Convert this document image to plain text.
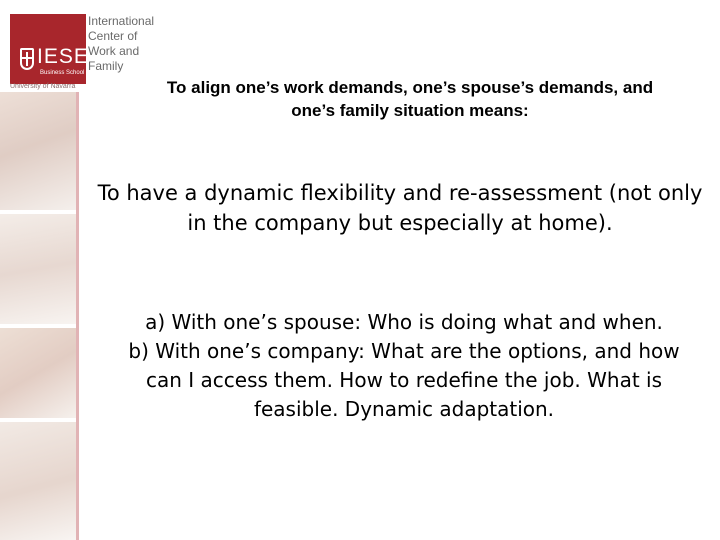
IESE
Business School
University of Navarra
International
Center of
Work and
Family
To align one’s work demands, one’s spouse’s demands, and one’s family situation means:
To have a dynamic flexibility and re-assessment (not only in the company but especially at home).

a) With one’s spouse: Who is doing what and when.

b) With one’s company: What are the options, and how can I access them. How to redefine the job. What is feasible. Dynamic adaptation.
